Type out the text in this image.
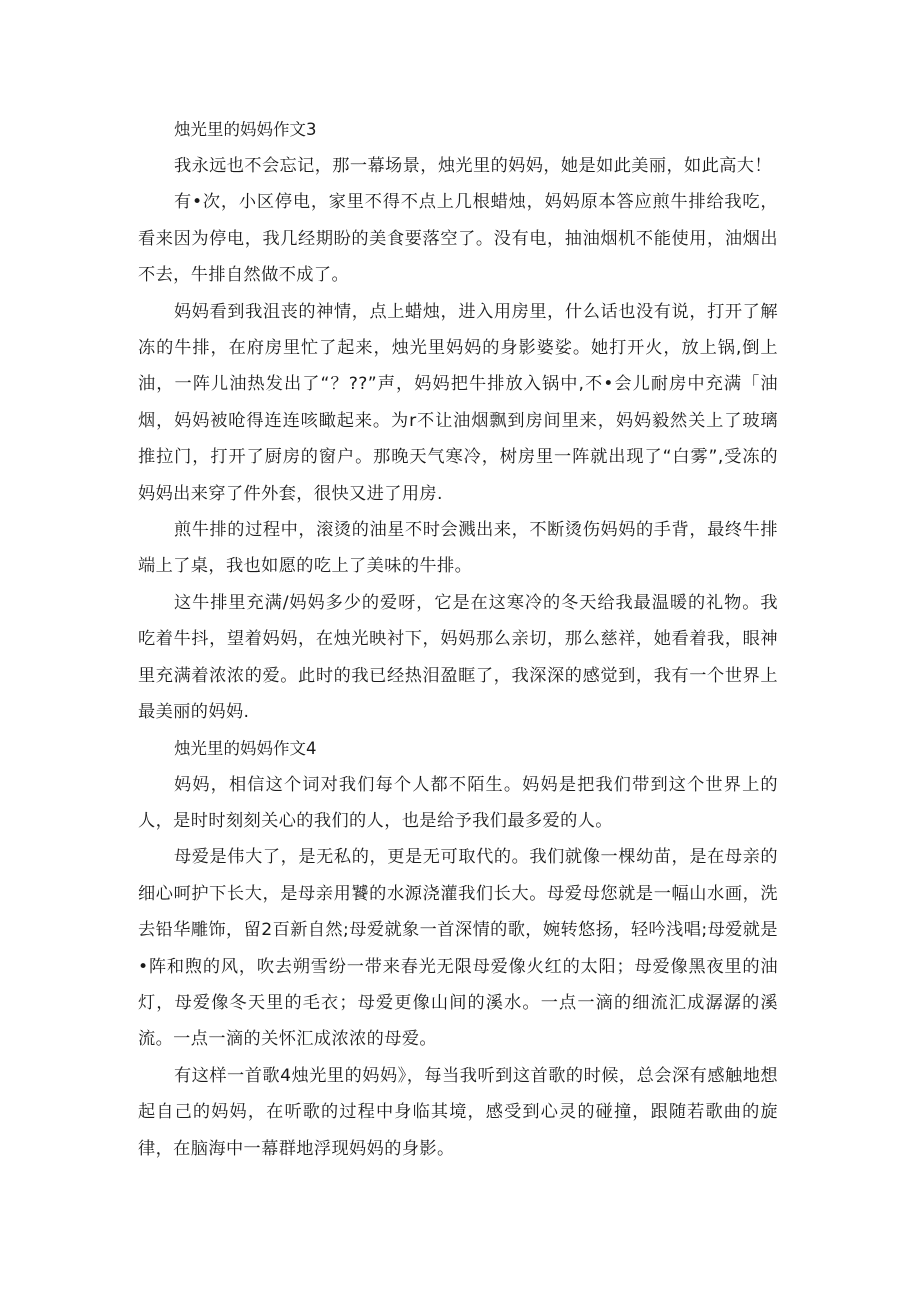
烛光里的妈妈作文3

我永远也不会忘记，那一幕场景，烛光里的妈妈，她是如此美丽，如此高大！

有•次，小区停电，家里不得不点上几根蜡烛，妈妈原本答应煎牛排给我吃，看来因为停电，我几经期盼的美食要落空了。没有电，抽油烟机不能使用，油烟出不去，牛排自然做不成了。

妈妈看到我沮丧的神情，点上蜡烛，进入用房里，什么话也没有说，打开了解冻的牛排，在府房里忙了起来，烛光里妈妈的身影婆娑。她打开火，放上锅,倒上油，一阵儿油热发出了“？??”声，妈妈把牛排放入锅中,不•会儿耐房中充满「油烟，妈妈被呛得连连咳瞰起来。为r不让油烟飘到房间里来，妈妈毅然关上了玻璃推拉门，打开了厨房的窗户。那晚天气寒冷，树房里一阵就出现了“白雾”,受冻的妈妈出来穿了件外套，很快又进了用房.

煎牛排的过程中，滚烫的油星不时会溅出来，不断烫伤妈妈的手背，最终牛排端上了桌，我也如愿的吃上了美味的牛排。

这牛排里充满/妈妈多少的爱呀，它是在这寒冷的冬天给我最温暖的礼物。我吃着牛抖，望着妈妈，在烛光映衬下，妈妈那么亲切，那么慈祥，她看着我，眼神里充满着浓浓的爱。此时的我已经热泪盈眶了，我深深的感觉到，我有一个世界上最美丽的妈妈.

烛光里的妈妈作文4

妈妈，相信这个词对我们每个人都不陌生。妈妈是把我们带到这个世界上的人，是时时刻刻关心的我们的人，也是给予我们最多爱的人。

母爱是伟大了，是无私的，更是无可取代的。我们就像一棵幼苗，是在母亲的细心呵护下长大，是母亲用饕的水源浇灌我们长大。母爱母您就是一幅山水画，洗去铅华雕饰，留2百新自然;母爱就象一首深情的歌，婉转悠扬，轻吟浅唱;母爱就是•阵和煦的风，吹去朔雪纷一带来春光无限母爱像火红的太阳；母爱像黑夜里的油灯，母爱像冬天里的毛衣；母爱更像山间的溪水。一点一滴的细流汇成潺潺的溪流。一点一滴的关怀汇成浓浓的母爱。

有这样一首歌4烛光里的妈妈》，每当我听到这首歌的时候，总会深有感触地想起自己的妈妈，在听歌的过程中身临其境，感受到心灵的碰撞，跟随若歌曲的旋律，在脑海中一幕群地浮现妈妈的身影。
